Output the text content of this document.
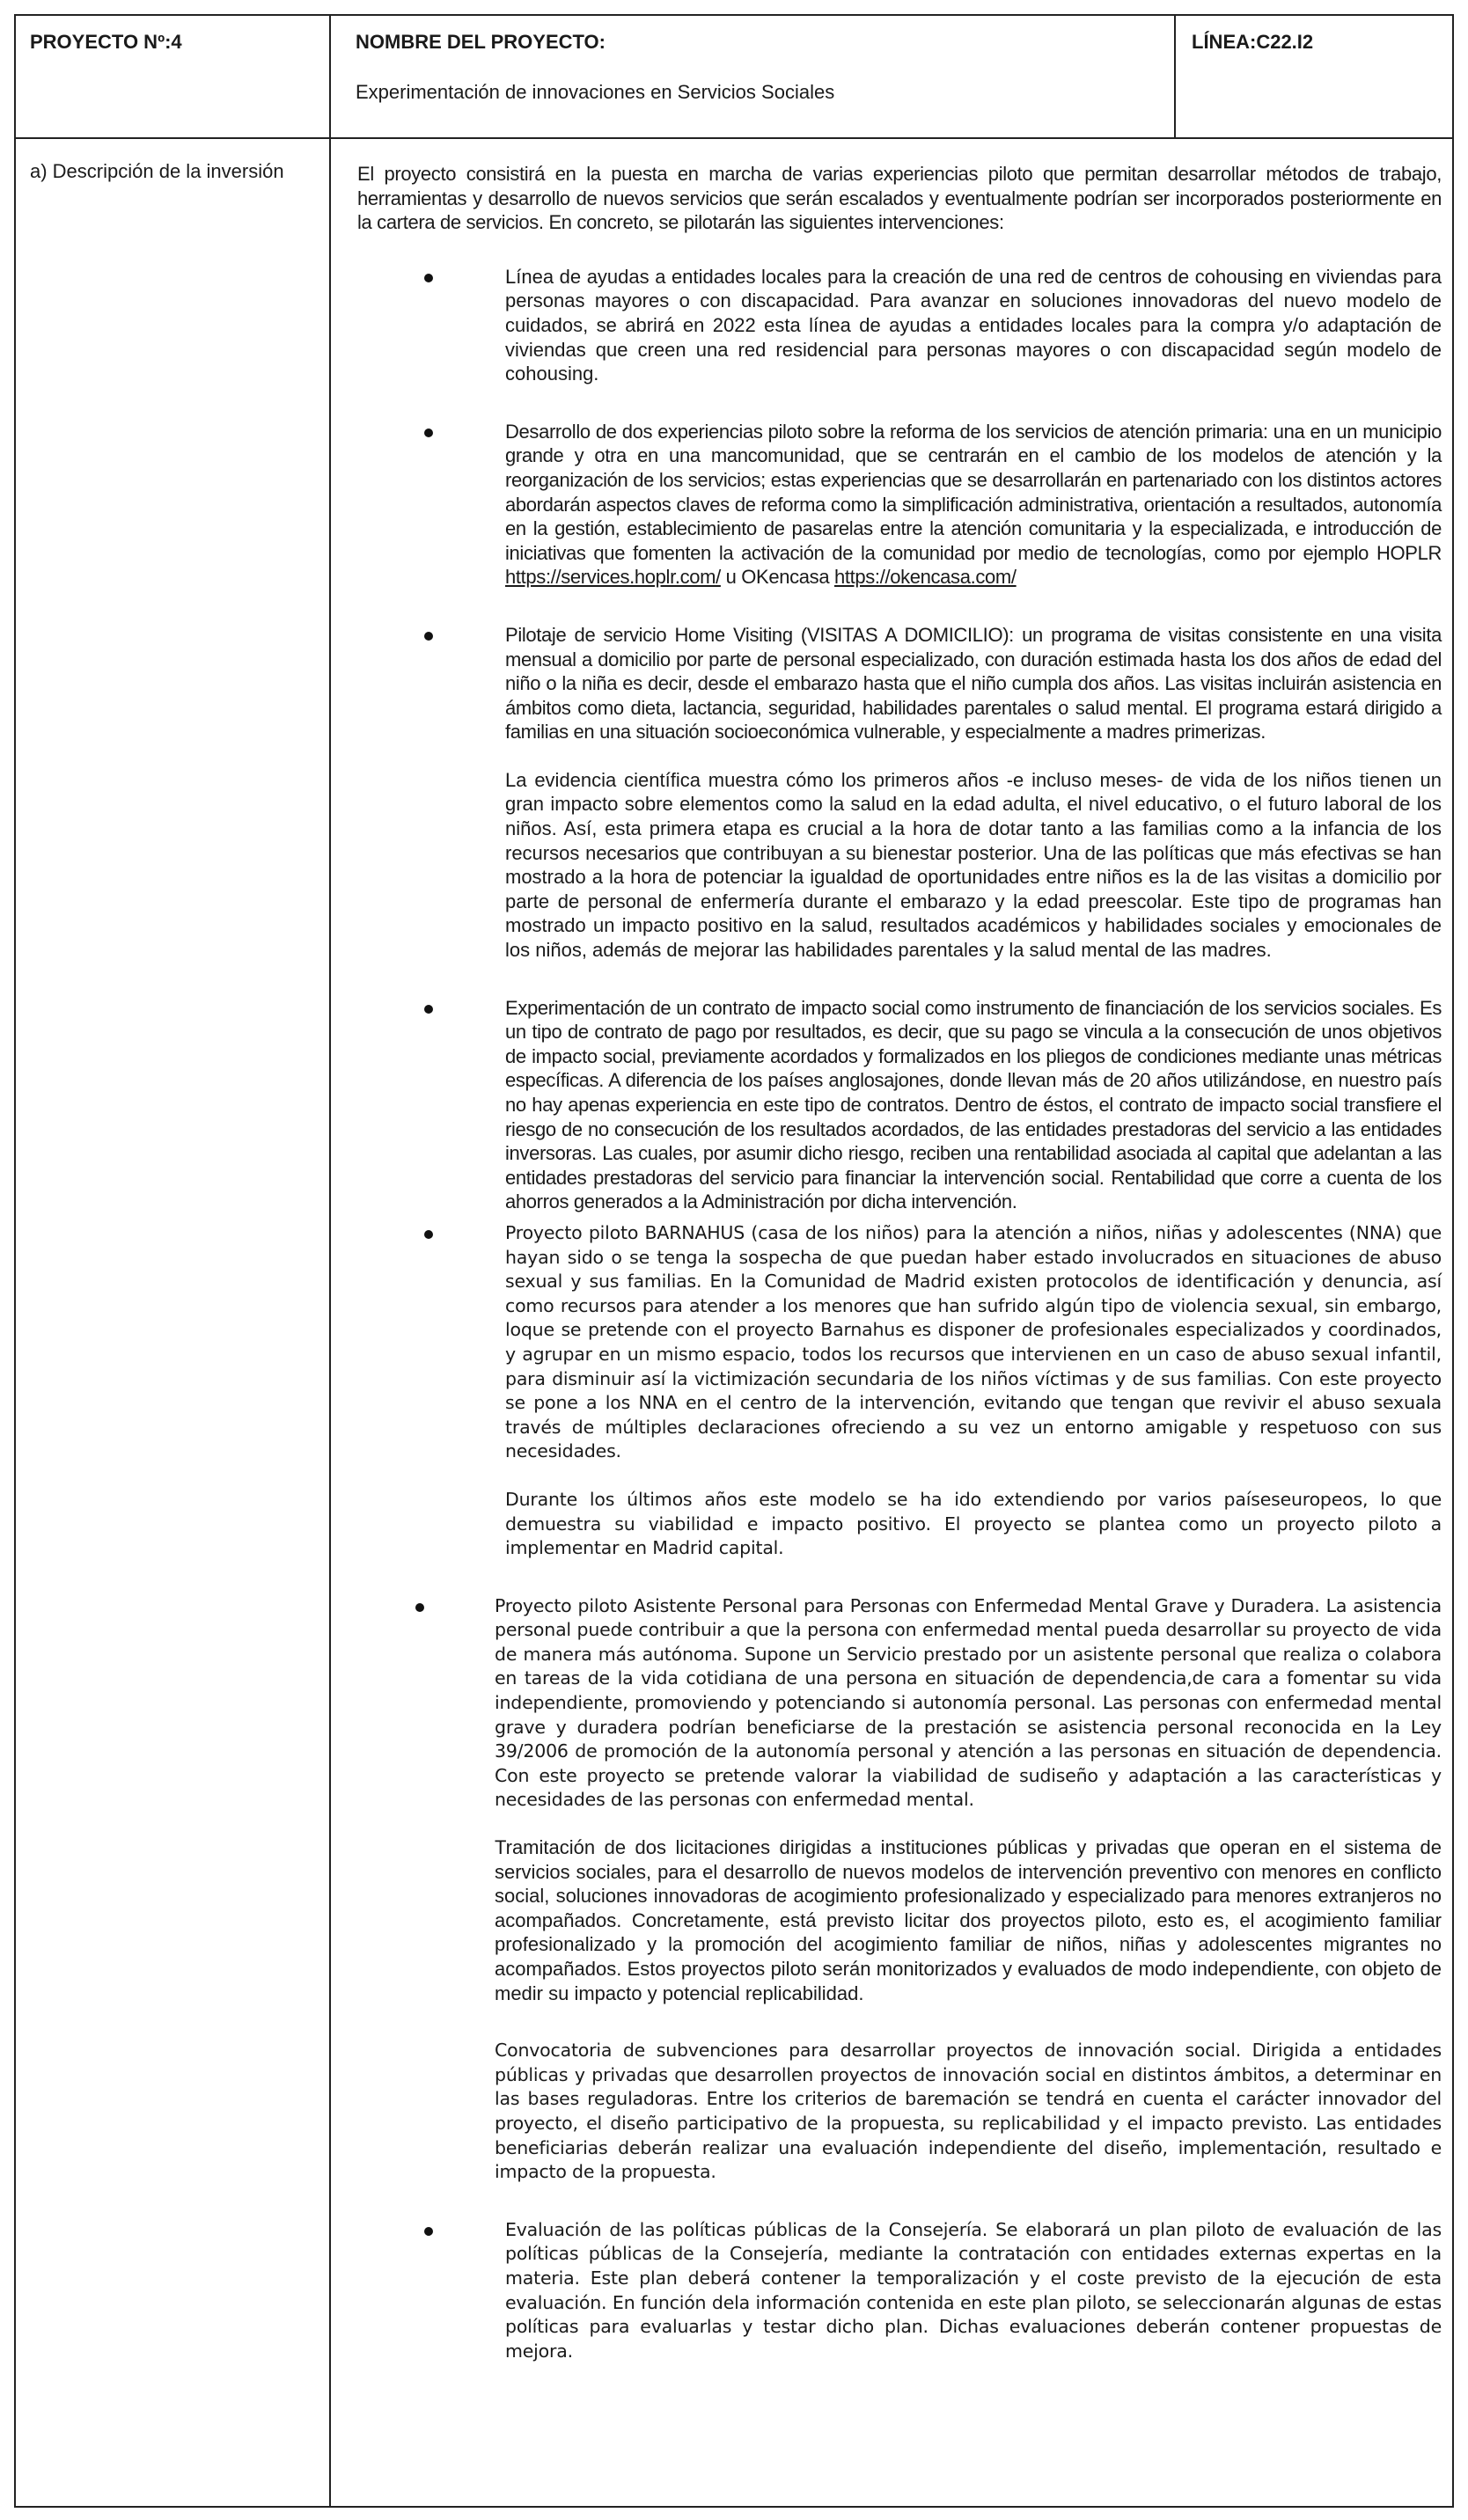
PROYECTO Nº:4	NOMBRE DEL PROYECTO:
Experimentación de innovaciones en Servicios Sociales
LÍNEA:C22.I2
a) Descripción de la inversión	El proyecto consistirá en la puesta en marcha de varias experiencias piloto que permitan desarrollar métodos de trabajo, herramientas y desarrollo de nuevos servicios que serán escalados y eventualmente podrían ser incorporados posteriormente en la cartera de servicios. En concreto, se pilotarán las siguientes intervenciones:

Línea de ayudas a entidades locales para la creación de una red de centros de cohousing en viviendas para personas mayores o con discapacidad. Para avanzar en soluciones innovadoras del nuevo modelo de cuidados, se abrirá en 2022 esta línea de ayudas a entidades locales para la compra y/o adaptación de viviendas que creen una red residencial para personas mayores o con discapacidad según modelo de cohousing.

Desarrollo de dos experiencias piloto sobre la reforma de los servicios de atención primaria: una en un municipio grande y otra en una mancomunidad, que se centrarán en el cambio de los modelos de atención y la reorganización de los servicios; estas experiencias que se desarrollarán en partenariado con los distintos actores abordarán aspectos claves de reforma como la simplificación administrativa, orientación a resultados, autonomía en la gestión, establecimiento de pasarelas entre la atención comunitaria y la especializada, e introducción de iniciativas que fomenten la activación de la comunidad por medio de tecnologías, como por ejemplo HOPLR https://services.hoplr.com/ u OKencasa https://okencasa.com/

Pilotaje de servicio Home Visiting (VISITAS A DOMICILIO): un programa de visitas consistente en una visita mensual a domicilio por parte de personal especializado, con duración estimada hasta los dos años de edad del niño o la niña es decir, desde el embarazo hasta que el niño cumpla dos años. Las visitas incluirán asistencia en ámbitos como dieta, lactancia, seguridad, habilidades parentales o salud mental. El programa estará dirigido a familias en una situación socioeconómica vulnerable, y especialmente a madres primerizas.

La evidencia científica muestra cómo los primeros años -e incluso meses- de vida de los niños tienen un gran impacto sobre elementos como la salud en la edad adulta, el nivel educativo, o el futuro laboral de los niños. Así, esta primera etapa es crucial a la hora de dotar tanto a las familias como a la infancia de los recursos necesarios que contribuyan a su bienestar posterior. Una de las políticas que más efectivas se han mostrado a la hora de potenciar la igualdad de oportunidades entre niños es la de las visitas a domicilio por parte de personal de enfermería durante el embarazo y la edad preescolar. Este tipo de programas han mostrado un impacto positivo en la salud, resultados académicos y habilidades sociales y emocionales de los niños, además de mejorar las habilidades parentales y la salud mental de las madres.

Experimentación de un contrato de impacto social como instrumento de financiación de los servicios sociales. Es un tipo de contrato de pago por resultados, es decir, que su pago se vincula a la consecución de unos objetivos de impacto social, previamente acordados y formalizados en los pliegos de condiciones mediante unas métricas específicas. A diferencia de los países anglosajones, donde llevan más de 20 años utilizándose, en nuestro país no hay apenas experiencia en este tipo de contratos. Dentro de éstos, el contrato de impacto social transfiere el riesgo de no consecución de los resultados acordados, de las entidades prestadoras del servicio a las entidades inversoras. Las cuales, por asumir dicho riesgo, reciben una rentabilidad asociada al capital que adelantan a las entidades prestadoras del servicio para financiar la intervención social. Rentabilidad que corre a cuenta de los ahorros generados a la Administración por dicha intervención.

Proyecto piloto BARNAHUS (casa de los niños) para la atención a niños, niñas y adolescentes (NNA) que hayan sido o se tenga la sospecha de que puedan haber estado involucrados en situaciones de abuso sexual y sus familias. En la Comunidad de Madrid existen protocolos de identificación y denuncia, así como recursos para atender a los menores que han sufrido algún tipo de violencia sexual, sin embargo, loque se pretende con el proyecto Barnahus es disponer de profesionales especializados y coordinados, y agrupar en un mismo espacio, todos los recursos que intervienen en un caso de abuso sexual infantil, para disminuir así la victimización secundaria de los niños víctimas y de sus familias. Con este proyecto se pone a los NNA en el centro de la intervención, evitando que tengan que revivir el abuso sexuala través de múltiples declaraciones ofreciendo a su vez un entorno amigable y respetuoso con sus necesidades.

Durante los últimos años este modelo se ha ido extendiendo por varios paíseseuropeos, lo que demuestra su viabilidad e impacto positivo. El proyecto se plantea como un proyecto piloto a implementar en Madrid capital.

Proyecto piloto Asistente Personal para Personas con Enfermedad Mental Grave y Duradera. La asistencia personal puede contribuir a que la persona con enfermedad mental pueda desarrollar su proyecto de vida de manera más autónoma. Supone un Servicio prestado por un asistente personal que realiza o colabora en tareas de la vida cotidiana de una persona en situación de dependencia,de cara a fomentar su vida independiente, promoviendo y potenciando si autonomía personal. Las personas con enfermedad mental grave y duradera podrían beneficiarse de la prestación se asistencia personal reconocida en la Ley 39/2006 de promoción de la autonomía personal y atención a las personas en situación de dependencia. Con este proyecto se pretende valorar la viabilidad de sudiseño y adaptación a las características y necesidades de las personas con enfermedad mental.

Tramitación de dos licitaciones dirigidas a instituciones públicas y privadas que operan en el sistema de servicios sociales, para el desarrollo de nuevos modelos de intervención preventivo con menores en conflicto social, soluciones innovadoras de acogimiento profesionalizado y especializado para menores extranjeros no acompañados. Concretamente, está previsto licitar dos proyectos piloto, esto es, el acogimiento familiar profesionalizado y la promoción del acogimiento familiar de niños, niñas y adolescentes migrantes no acompañados. Estos proyectos piloto serán monitorizados y evaluados de modo independiente, con objeto de medir su impacto y potencial replicabilidad.

Convocatoria de subvenciones para desarrollar proyectos de innovación social. Dirigida a entidades públicas y privadas que desarrollen proyectos de innovación social en distintos ámbitos, a determinar en las bases reguladoras. Entre los criterios de baremación se tendrá en cuenta el carácter innovador del proyecto, el diseño participativo de la propuesta, su replicabilidad y el impacto previsto. Las entidades beneficiarias deberán realizar una evaluación independiente del diseño, implementación, resultado e impacto de la propuesta.

Evaluación de las políticas públicas de la Consejería. Se elaborará un plan piloto de evaluación de las políticas públicas de la Consejería, mediante la contratación con entidades externas expertas en la materia. Este plan deberá contener la temporalización y el coste previsto de la ejecución de esta evaluación. En función dela información contenida en este plan piloto, se seleccionarán algunas de estas políticas para evaluarlas y testar dicho plan. Dichas evaluaciones deberán contener propuestas de mejora.
